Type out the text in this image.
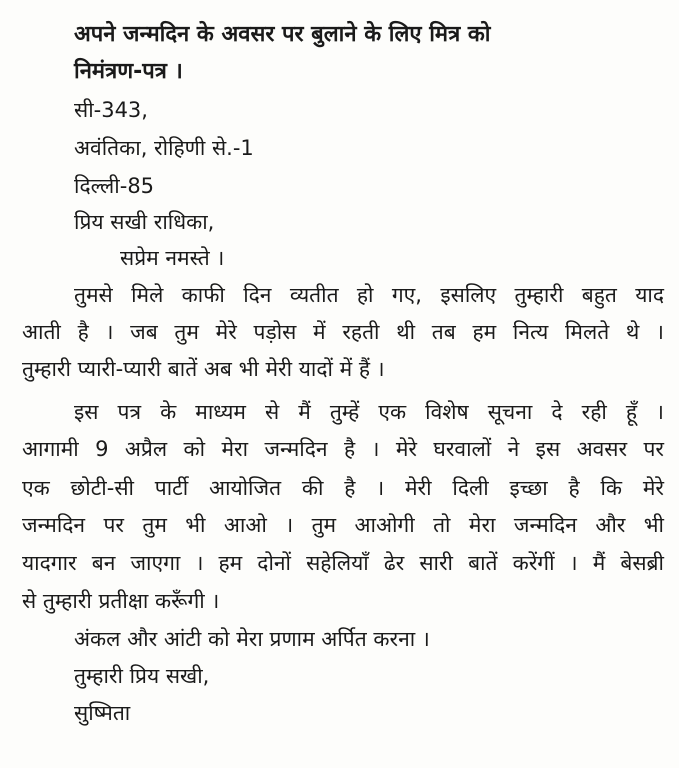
अपने जन्मदिन के अवसर पर बुलाने के लिए मित्र को
निमंत्रण-पत्र ।
सी-343,
अवंतिका, रोहिणी से.-1
दिल्ली-85
प्रिय सखी राधिका,
सप्रेम नमस्ते ।
तुमसे मिले काफी दिन व्यतीत हो गए, इसलिए तुम्हारी बहुत याद
आती है । जब तुम मेरे पड़ोस में रहती थी तब हम नित्य मिलते थे ।
तुम्हारी प्यारी-प्यारी बातें अब भी मेरी यादों में हैं ।
इस पत्र के माध्यम से मैं तुम्हें एक विशेष सूचना दे रही हूँ ।
आगामी 9 अप्रैल को मेरा जन्मदिन है । मेरे घरवालों ने इस अवसर पर
एक छोटी-सी पार्टी आयोजित की है । मेरी दिली इच्छा है कि मेरे
जन्मदिन पर तुम भी आओ । तुम आओगी तो मेरा जन्मदिन और भी
यादगार बन जाएगा । हम दोनों सहेलियाँ ढेर सारी बातें करेंगीं । मैं बेसब्री
से तुम्हारी प्रतीक्षा करूँगी ।
अंकल और आंटी को मेरा प्रणाम अर्पित करना ।
तुम्हारी प्रिय सखी,
सुष्मिता
